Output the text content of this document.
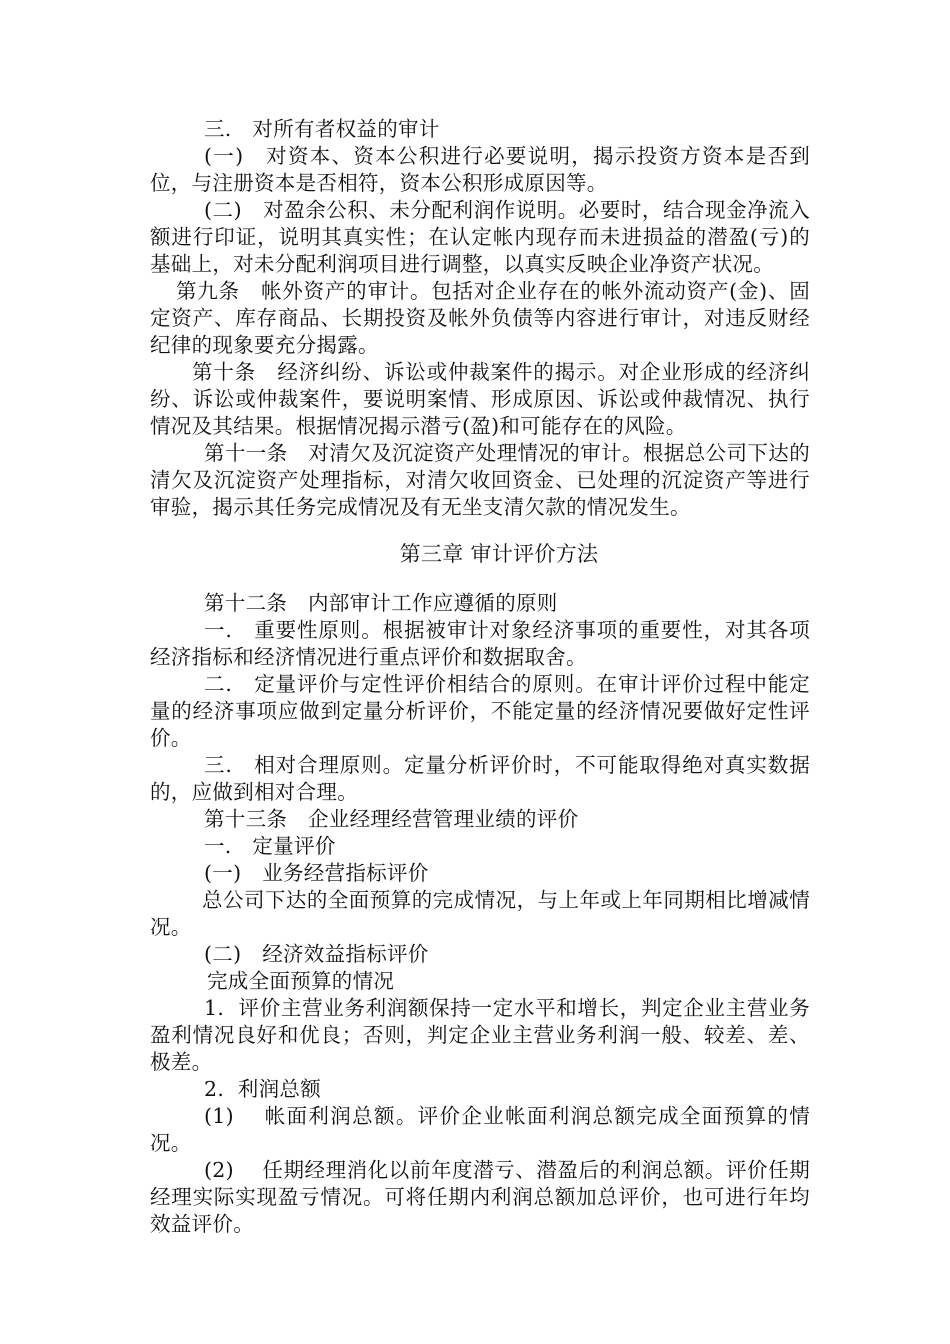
三.　对所有者权益的审计

(一)　对资本、资本公积进行必要说明，揭示投资方资本是否到位，与注册资本是否相符，资本公积形成原因等。

(二)　对盈余公积、未分配利润作说明。必要时，结合现金净流入额进行印证，说明其真实性；在认定帐内现存而未进损益的潜盈(亏)的基础上，对未分配利润项目进行调整，以真实反映企业净资产状况。

第九条　帐外资产的审计。包括对企业存在的帐外流动资产(金)、固定资产、库存商品、长期投资及帐外负债等内容进行审计，对违反财经纪律的现象要充分揭露。

第十条　经济纠纷、诉讼或仲裁案件的揭示。对企业形成的经济纠纷、诉讼或仲裁案件，要说明案情、形成原因、诉讼或仲裁情况、执行情况及其结果。根据情况揭示潜亏(盈)和可能存在的风险。

第十一条　对清欠及沉淀资产处理情况的审计。根据总公司下达的清欠及沉淀资产处理指标，对清欠收回资金、已处理的沉淀资产等进行审验，揭示其任务完成情况及有无坐支清欠款的情况发生。

第三章 审计评价方法

第十二条　内部审计工作应遵循的原则

一.　重要性原则。根据被审计对象经济事项的重要性，对其各项经济指标和经济情况进行重点评价和数据取舍。

二.　定量评价与定性评价相结合的原则。在审计评价过程中能定量的经济事项应做到定量分析评价，不能定量的经济情况要做好定性评价。

三.　相对合理原则。定量分析评价时，不可能取得绝对真实数据的，应做到相对合理。

第十三条　企业经理经营管理业绩的评价

一.　定量评价

(一)　业务经营指标评价

总公司下达的全面预算的完成情况，与上年或上年同期相比增减情况。

(二)　经济效益指标评价

完成全面预算的情况

1.  评价主营业务利润额保持一定水平和增长，判定企业主营业务盈利情况良好和优良；否则，判定企业主营业务利润一般、较差、差、极差。

2.  利润总额

(1)　 帐面利润总额。评价企业帐面利润总额完成全面预算的情况。

(2)　 任期经理消化以前年度潜亏、潜盈后的利润总额。评价任期经理实际实现盈亏情况。可将任期内利润总额加总评价，也可进行年均效益评价。
